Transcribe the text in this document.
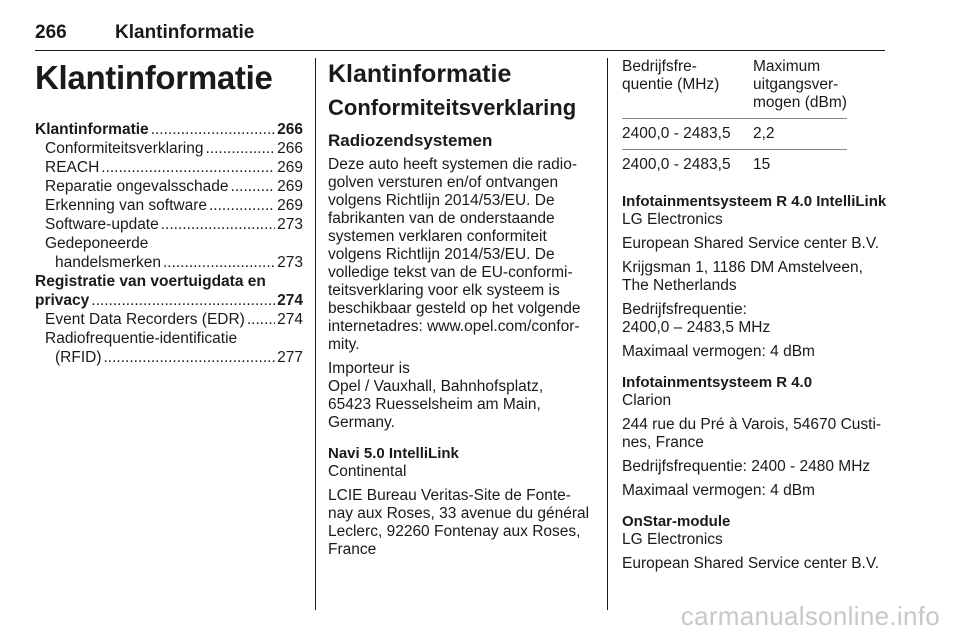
266	Klantinformatie
Klantinformatie
Klantinformatie .....	266
Conformiteitsverklaring .....	266
REACH .....	269
Reparatie ongevalsschade .....	269
Erkenning van software .....	269
Software-update .....	273
Gedeponeerde
handelsmerken .....	273
Registratie van voertuigdata en
privacy .....	274
Event Data Recorders (EDR) ..... 274
Radiofrequentie-identificatie
(RFID) .....	277
Klantinformatie
Conformiteitsverklaring
Radiozendsystemen

Deze auto heeft systemen die radio-
golven versturen en/of ontvangen
volgens Richtlijn 2014/53/EU. De
fabrikanten van de onderstaande
systemen verklaren conformiteit
volgens Richtlijn 2014/53/EU. De
volledige tekst van de EU-conformi-
teitsverklaring voor elk systeem is
beschikbaar gesteld op het volgende
internetadres: www.opel.com/confor-
mity.

Importeur is
Opel / Vauxhall, Bahnhofsplatz,
65423 Ruesselsheim am Main,
Germany.

Navi 5.0 IntelliLink

Continental

LCIE Bureau Veritas-Site de Fonte-
nay aux Roses, 33 avenue du général
Leclerc, 92260 Fontenay aux Roses,
France

Bedrijfsfre-
quentie (MHz)	Maximum
uitgangsver-
mogen (dBm)

2400,0 - 2483,5	2,2

2400,0 - 2483,5	15
Infotainmentsysteem R 4.0 IntelliLink

LG Electronics

European Shared Service center B.V.

Krijgsman 1, 1186 DM Amstelveen,
The Netherlands

Bedrijfsfrequentie:
2400,0 – 2483,5 MHz

Maximaal vermogen: 4 dBm

Infotainmentsysteem R 4.0

Clarion

244 rue du Pré à Varois, 54670 Custi-
nes, France

Bedrijfsfrequentie: 2400 - 2480 MHz

Maximaal vermogen: 4 dBm

OnStar-module

LG Electronics

European Shared Service center B.V.

carmanualsonline.info
